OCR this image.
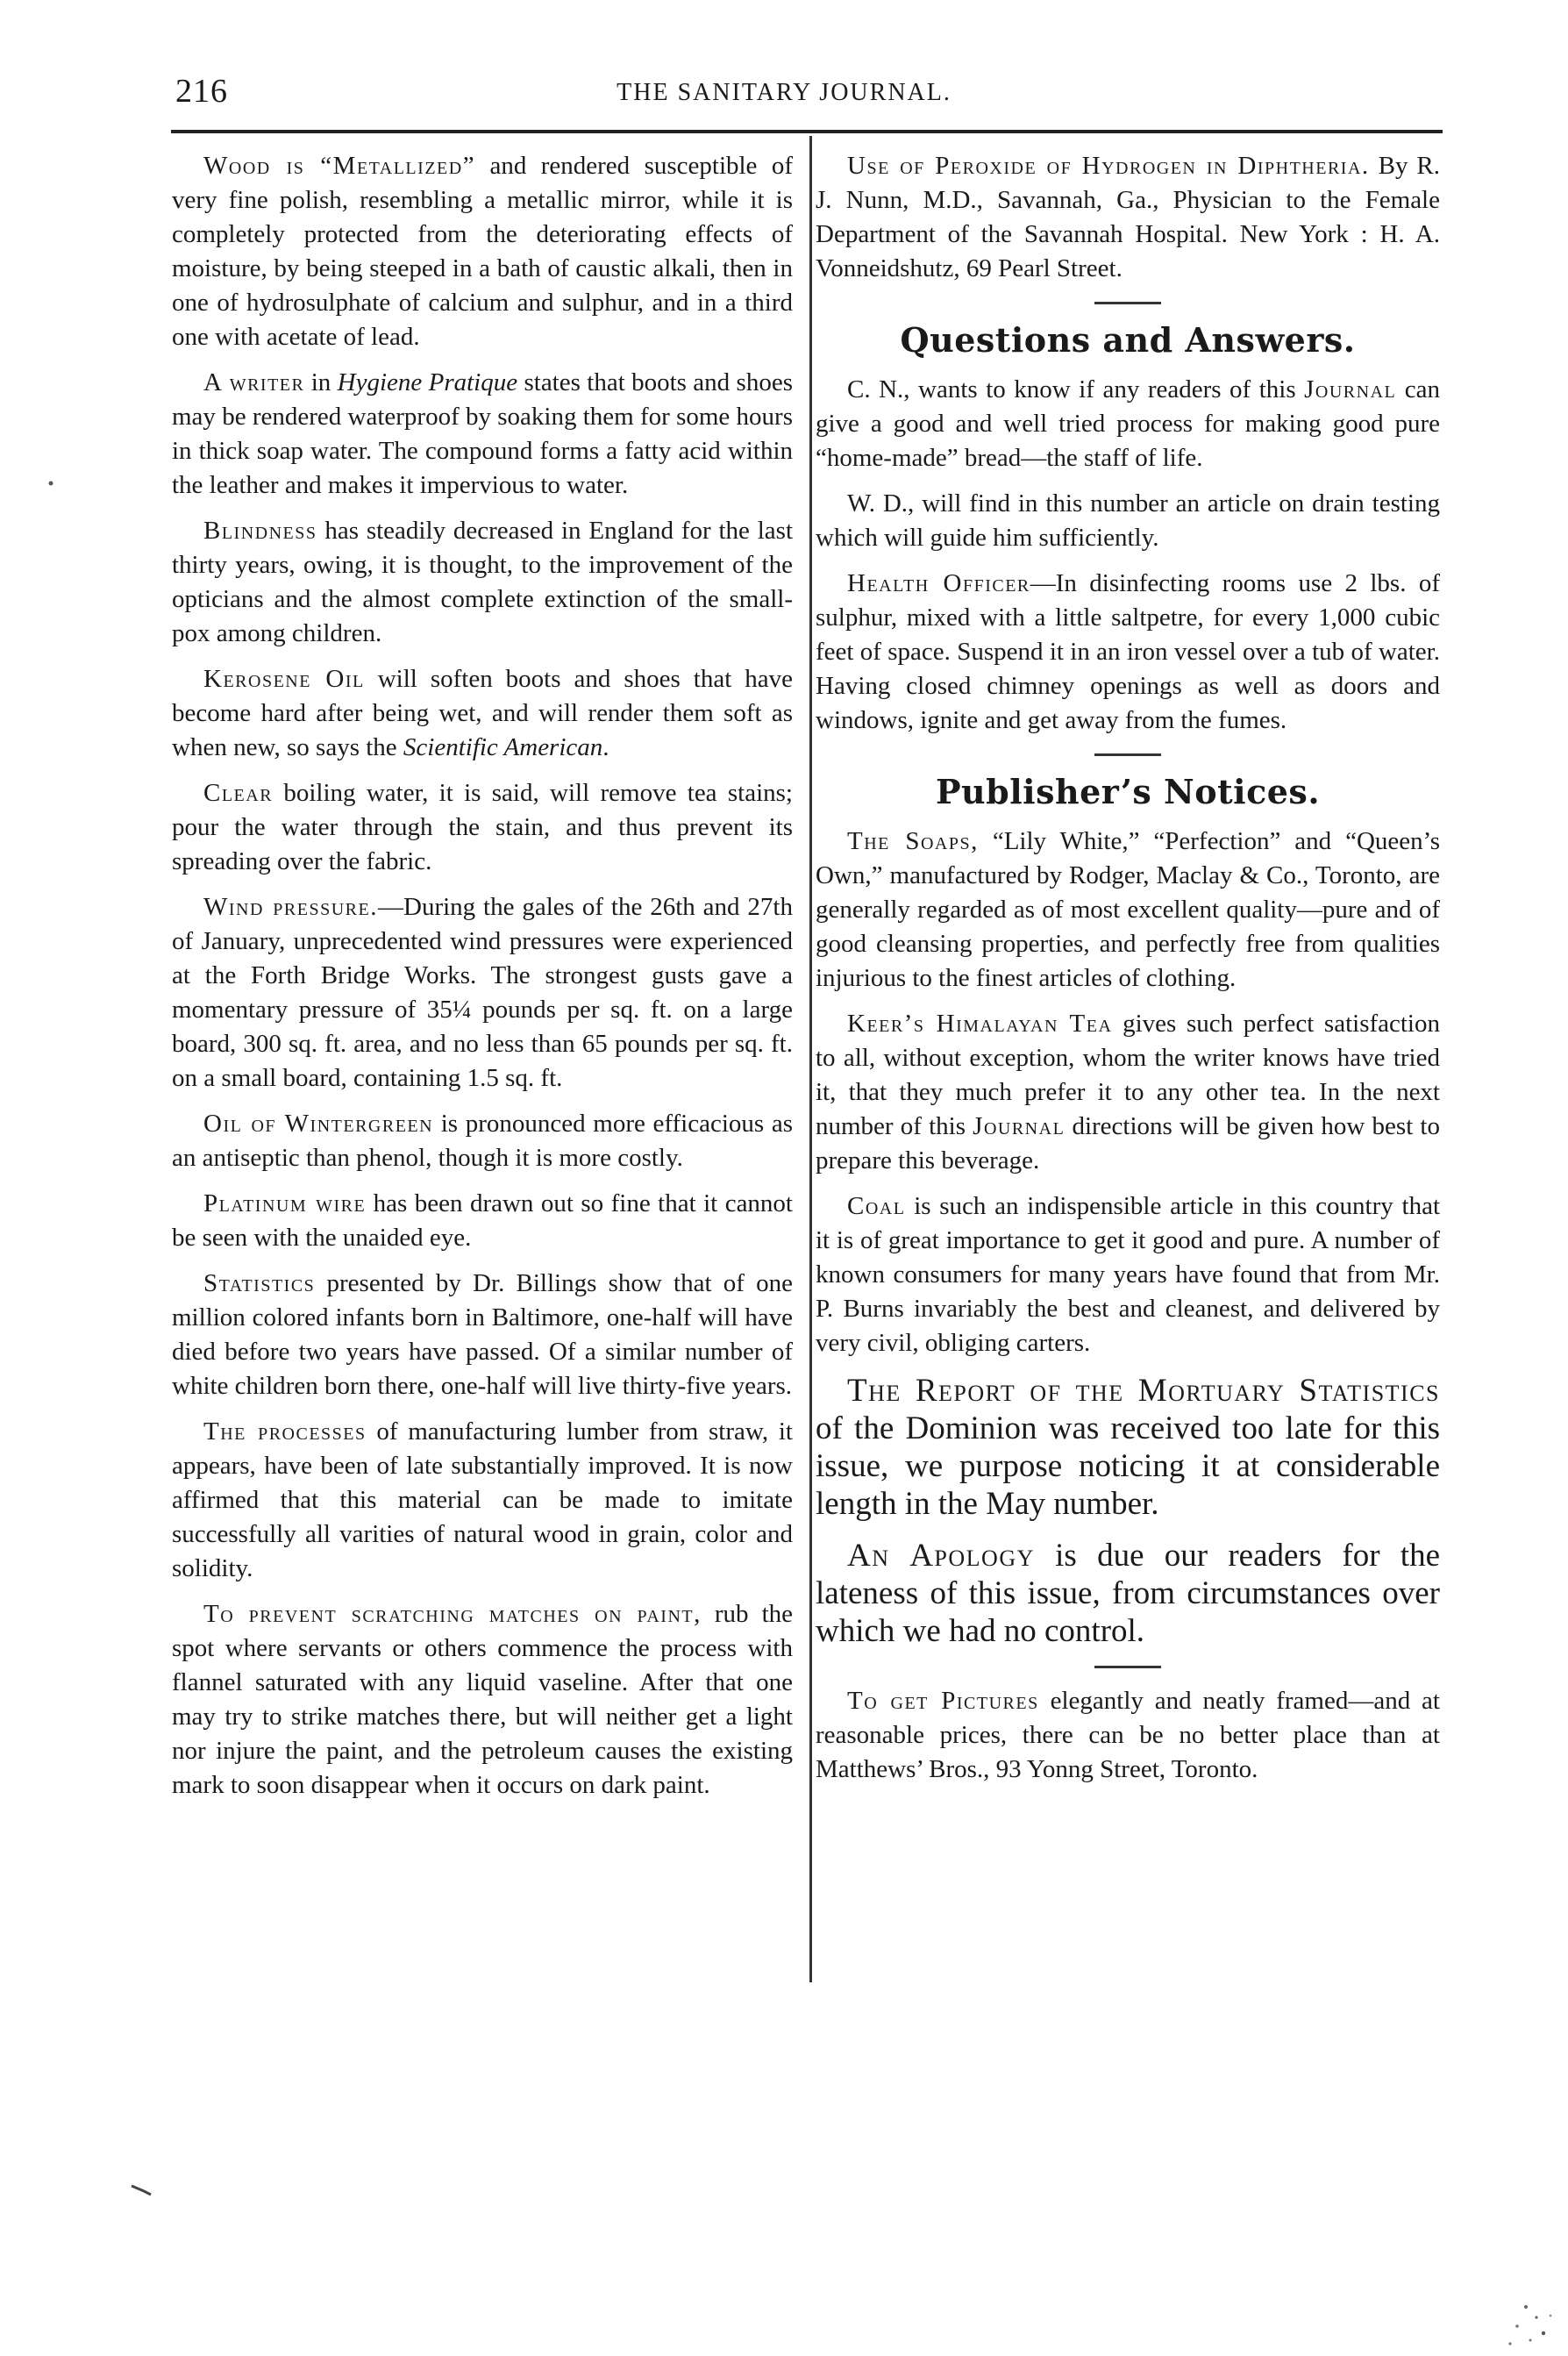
216	THE SANITARY JOURNAL.

Wood is “Metallized” and rendered susceptible of very fine polish, resembling a metallic mirror, while it is completely protected from the deteriorating effects of moisture, by being steeped in a bath of caustic alkali, then in one of hydrosulphate of calcium and sulphur, and in a third one with acetate of lead.

A writer in Hygiene Pratique states that boots and shoes may be rendered waterproof by soaking them for some hours in thick soap water. The compound forms a fatty acid within the leather and makes it impervious to water.

Blindness has steadily decreased in England for the last thirty years, owing, it is thought, to the improvement of the opticians and the almost complete extinction of the small-pox among children.

Kerosene Oil will soften boots and shoes that have become hard after being wet, and will render them soft as when new, so says the Scientific American.

Clear boiling water, it is said, will remove tea stains; pour the water through the stain, and thus prevent its spreading over the fabric.

Wind pressure.—During the gales of the 26th and 27th of January, unprecedented wind pressures were experienced at the Forth Bridge Works. The strongest gusts gave a momentary pressure of 35¼ pounds per sq. ft. on a large board, 300 sq. ft. area, and no less than 65 pounds per sq. ft. on a small board, containing 1.5 sq. ft.

Oil of Wintergreen is pronounced more efficacious as an antiseptic than phenol, though it is more costly.

Platinum wire has been drawn out so fine that it cannot be seen with the unaided eye.

Statistics presented by Dr. Billings show that of one million colored infants born in Baltimore, one-half will have died before two years have passed. Of a similar number of white children born there, one-half will live thirty-five years.

The processes of manufacturing lumber from straw, it appears, have been of late substantially improved. It is now affirmed that this material can be made to imitate successfully all varities of natural wood in grain, color and solidity.

To prevent scratching matches on paint, rub the spot where servants or others commence the process with flannel saturated with any liquid vaseline. After that one may try to strike matches there, but will neither get a light nor injure the paint, and the petroleum causes the existing mark to soon disappear when it occurs on dark paint.

Use of Peroxide of Hydrogen in Diphtheria. By R. J. Nunn, M.D., Savannah, Ga., Physician to the Female Department of the Savannah Hospital. New York : H. A. Vonneidshutz, 69 Pearl Street.

Questions and Answers.

C. N., wants to know if any readers of this Journal can give a good and well tried process for making good pure “home-made” bread—the staff of life.

W. D., will find in this number an article on drain testing which will guide him sufficiently.

Health Officer—In disinfecting rooms use 2 lbs. of sulphur, mixed with a little saltpetre, for every 1,000 cubic feet of space. Suspend it in an iron vessel over a tub of water. Having closed chimney openings as well as doors and windows, ignite and get away from the fumes.

Publisher’s Notices.

The Soaps, “Lily White,” “Perfection” and “Queen’s Own,” manufactured by Rodger, Maclay & Co., Toronto, are generally regarded as of most excellent quality—pure and of good cleansing properties, and perfectly free from qualities injurious to the finest articles of clothing.

Keer’s Himalayan Tea gives such perfect satisfaction to all, without exception, whom the writer knows have tried it, that they much prefer it to any other tea. In the next number of this Journal directions will be given how best to prepare this beverage.

Coal is such an indispensible article in this country that it is of great importance to get it good and pure. A number of known consumers for many years have found that from Mr. P. Burns invariably the best and cleanest, and delivered by very civil, obliging carters.

The Report of the Mortuary Statistics of the Dominion was received too late for this issue, we purpose noticing it at considerable length in the May number.

An Apology is due our readers for the lateness of this issue, from circumstances over which we had no control.

To get Pictures elegantly and neatly framed—and at reasonable prices, there can be no better place than at Matthews’ Bros., 93 Yonng Street, Toronto.
